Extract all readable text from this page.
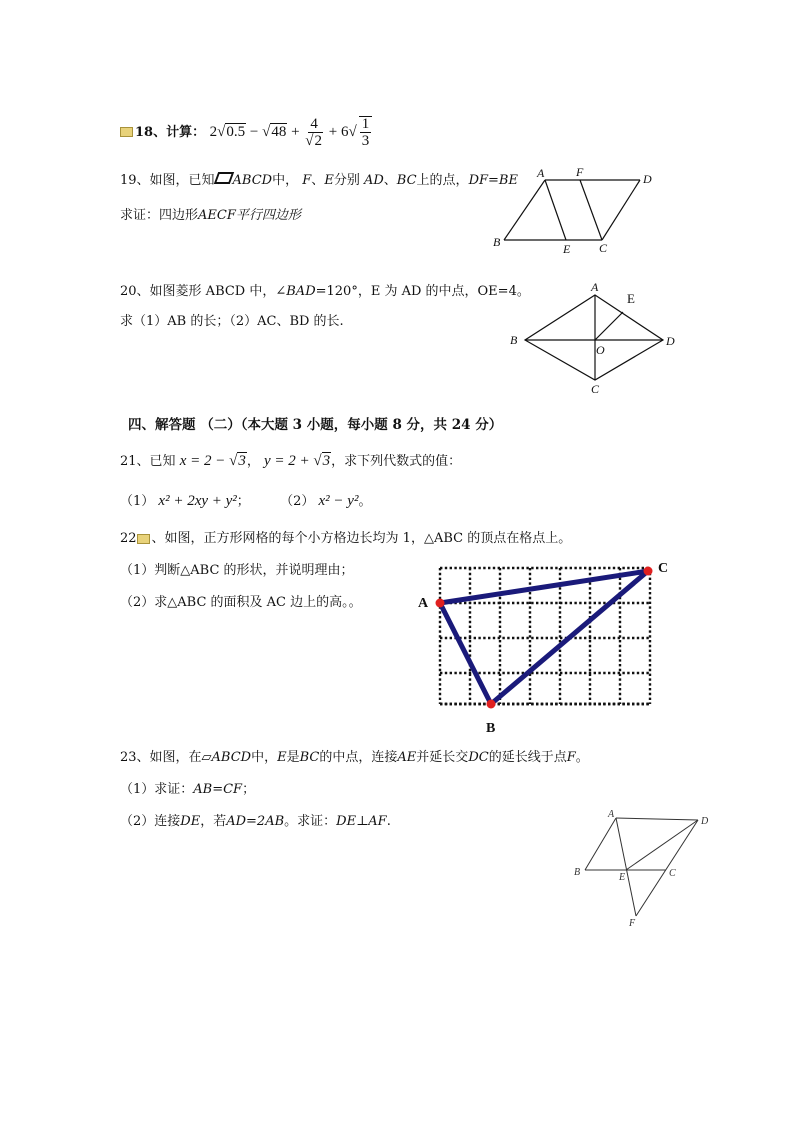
18、计算： $2√0.5 - √48 + \frac{4}{√2} + 6√ \frac{1}{3}$
19、如图，已知 ABCD中， F、E分别 AD、BC上的点，DF=BE
求证：四边形AECF平行四边形
A	F	D
B	E C
20、如图菱形 ABCD 中，∠BAD=120°，E 为 AD 的中点，OE=4。
求（1）AB 的长；（2）AC、BD 的长.
A
E
B
O
D
C
四、解答题 （二）（本大题 3 小题，每小题 8 分，共 24 分）
21、已知 x = 2 − √3， y = 2 + √3，求下列代数式的值：
（1） x² + 2xy + y²； （2） x² − y²。
22 、如图，正方形网格的每个小方格边长均为 1，△ABC 的顶点在格点上。
（1）判断△ABC 的形状，并说明理由；
（2）求△ABC 的面积及 AC 边上的高。。	A
C
B
23、如图，在▱ABCD中，E是BC的中点，连接AE并延长交DC的延长线于点F。
（1）求证：AB=CF；
（2）连接DE，若AD=2AB。求证：DE⊥AF.	A
D
B	E	C
F
